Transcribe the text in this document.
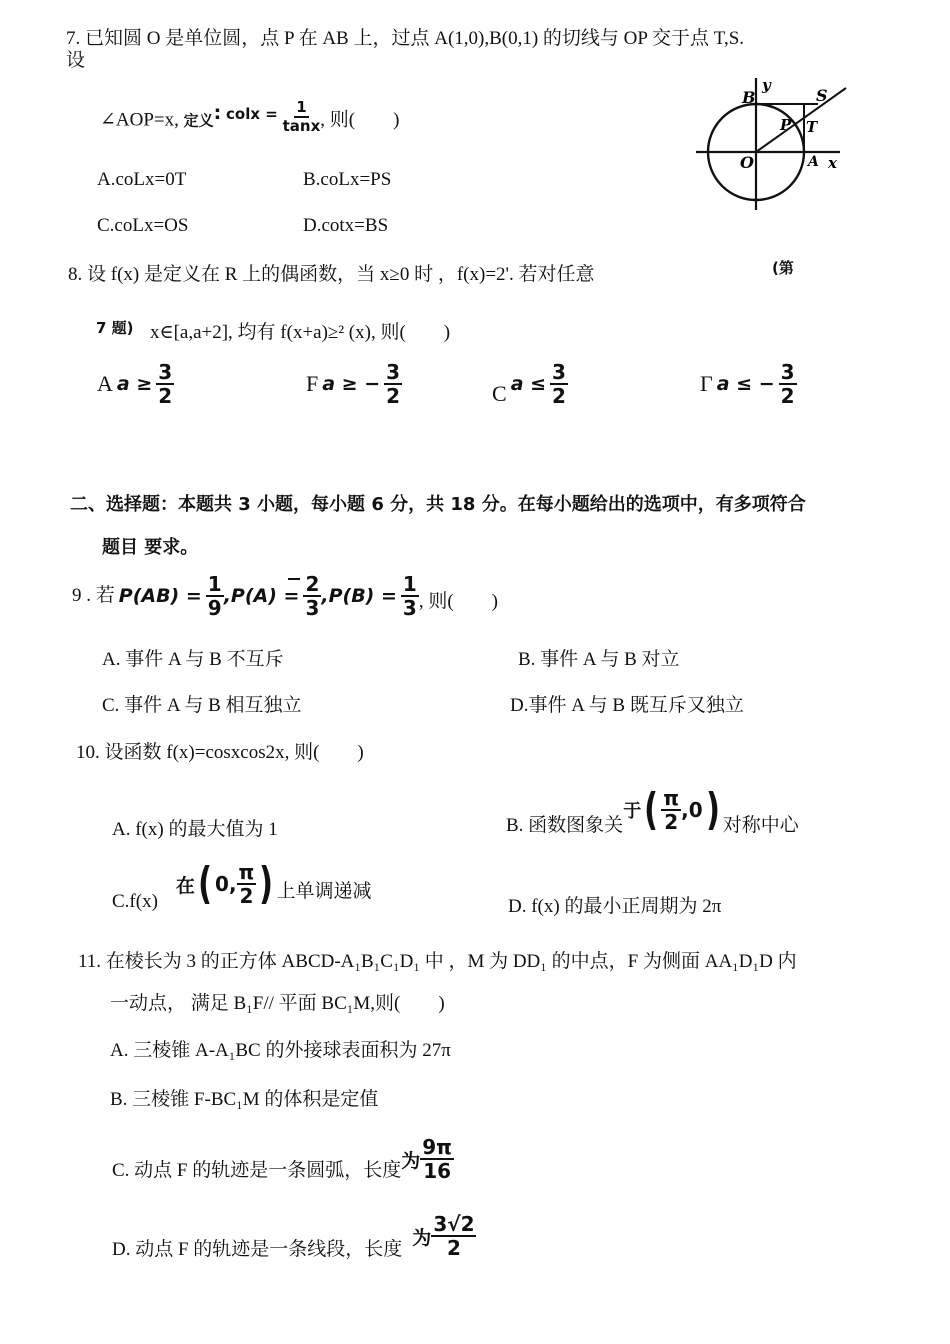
7. 已知圆 O 是单位圆，点 P 在 AB 上，过点 A(1,0),B(0,1) 的切线与 OP 交于点 T,S.
设
∠AOP=x, 定义: $^{colx =} \frac{1}{\tan x}$ , 则(　　)
A.coLx=0T	B.coLx=PS
C.coLx=OS	D.cotx=BS
B
y
S
P T
O	A x
(第
8. 设 f(x) 是定义在 R 上的偶函数，当 x≥0 时 ，f(x)=2'. 若对任意
7 题) x∈[a,a+2], 均有 f(x+a)≥² (x), 则(　　)
A $a \ge \frac{3}{2}$	F a ≥ − $\frac{3}{2}$	C $a \le \frac{3}{2}$	Γ a ≤ − $\frac{3}{2}$
二、选择题：本题共 3 小题，每小题 6 分，共 18 分。在每小题给出的选项中，有多项符合
题目 要求。
9 . 若 $P(AB) = \frac{1}{9} ,P(A) = \frac{2}{3} ,P(B) = \frac{1}{3}$ , 则(　　)
A. 事件 A 与 B 不互斥	B. 事件 A 与 B 对立
C. 事件 A 与 B 相互独立	D.事件 A 与 B 既互斥又独立
10. 设函数 f(x)=cosxcos2x, 则(　　)
A. f(x) 的最大值为 1	B. 函数图象关于( $\frac{\pi}{2} ,0$) 对称中心
C.f(x) 在( 0, $\frac{\pi}{2}$ ) 上单调递减
D. f(x) 的最小正周期为 2π
11. 在棱长为 3 的正方体 ABCD-A₁B₁C₁D₁ 中 ，M 为 DD₁ 的中点，F 为侧面 AA₁D₁D 内
一动点， 满足 B₁F// 平面 BC₁M,则(　　)
A. 三棱锥 A-A₁BC 的外接球表面积为 27π
B. 三棱锥 F-BC₁M 的体积是定值
C. 动点 F 的轨迹是一条圆弧，长度为 $\frac{9\pi}{16}$
D. 动点 F 的轨迹是一条线段，长度 为 $\frac{3√2}{2}$
